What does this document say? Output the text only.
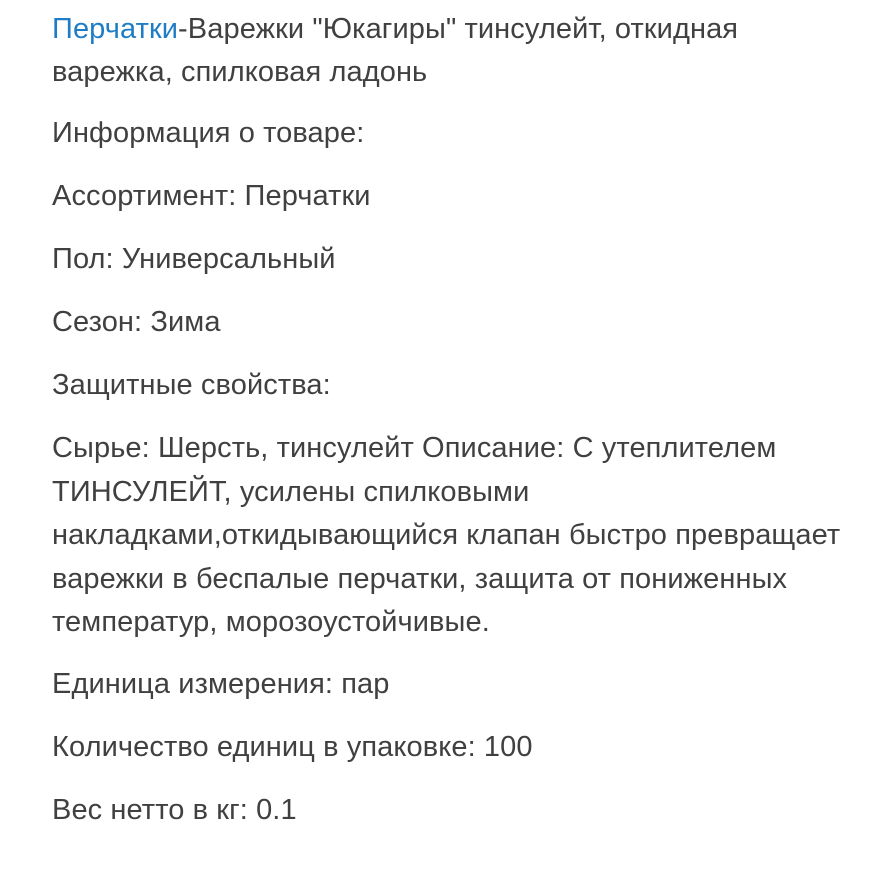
Перчатки-Варежки "Юкагиры" тинсулейт, откидная варежка, спилковая ладонь
Информация о товаре:
Ассортимент: Перчатки
Пол: Универсальный
Сезон: Зима
Защитные свойства:
Сырье: Шерсть, тинсулейт Описание: С утеплителем ТИНСУЛЕЙТ, усилены спилковыми накладками,откидывающийся клапан быстро превращает варежки в беспалые перчатки, защита от пониженных температур, морозоустойчивые.
Единица измерения: пар
Количество единиц в упаковке: 100
Вес нетто в кг: 0.1
